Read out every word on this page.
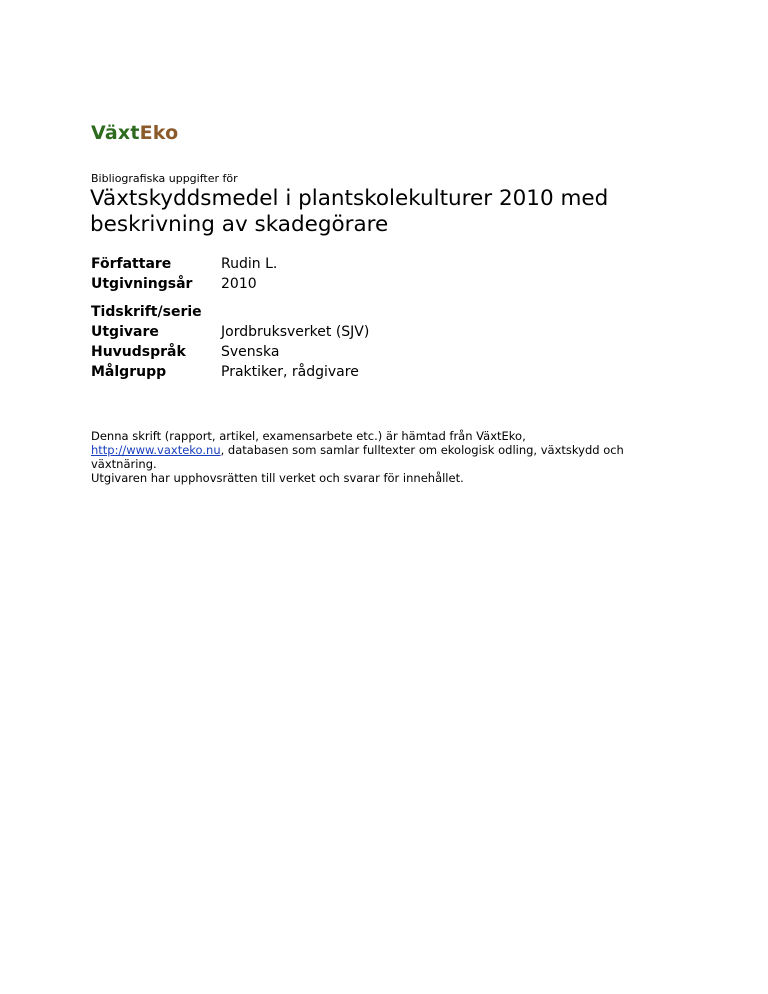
VäxtEko
Bibliografiska uppgifter för
Växtskyddsmedel i plantskolekulturer 2010 med beskrivning av skadegörare
Författare	Rudin L.
Utgivningsår	2010
Tidskrift/serie	
Utgivare	Jordbruksverket (SJV)
Huvudspråk	Svenska
Målgrupp	Praktiker, rådgivare
Denna skrift (rapport, artikel, examensarbete etc.) är hämtad från VäxtEko,
http://www.vaxteko.nu, databasen som samlar fulltexter om ekologisk odling, växtskydd och växtnäring.
Utgivaren har upphovsrätten till verket och svarar för innehållet.
